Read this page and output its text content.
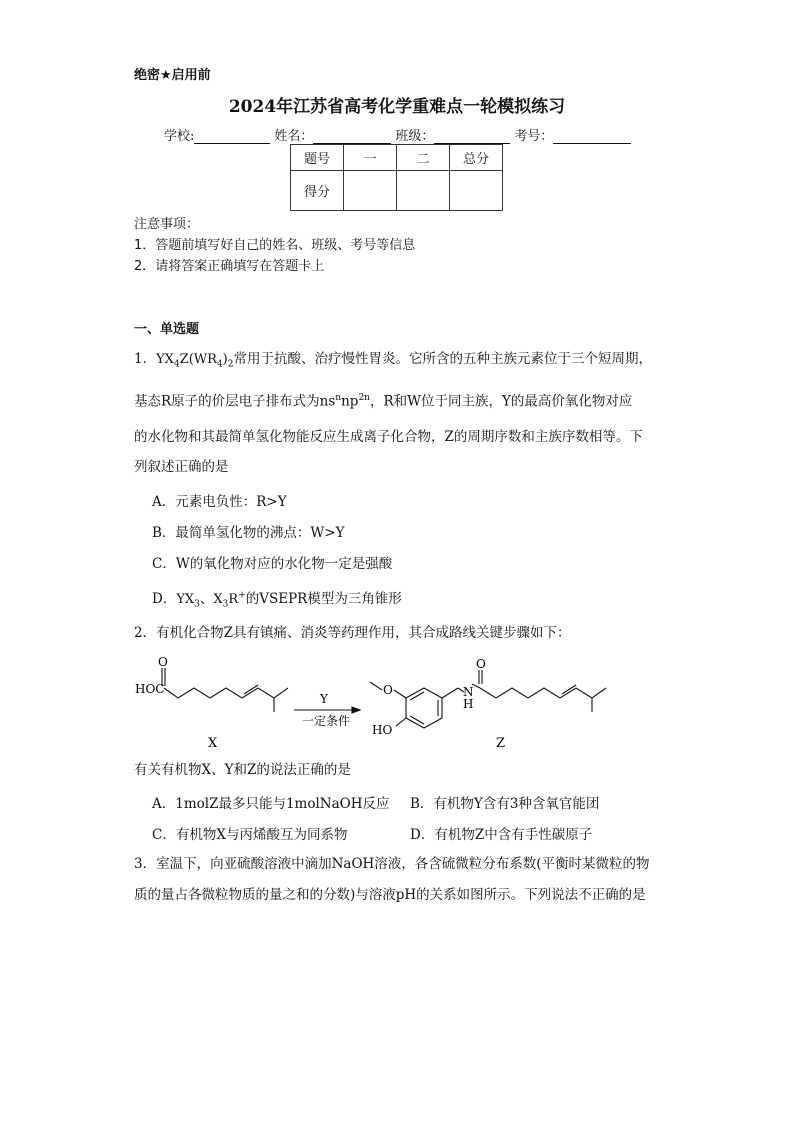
绝密★启用前
2024年江苏省高考化学重难点一轮模拟练习
学校:	姓名：	班级：	考号：
题号	一	二	总分
得分			
注意事项：
1．答题前填写好自己的姓名、班级、考号等信息
2．请将答案正确填写在答题卡上
一、单选题
1．$YX_4Z(WR_4)_2$常用于抗酸、治疗慢性胃炎。它所含的五种主族元素位于三个短周期，
基态R原子的价层电子排布式为$ns^nnp^{2n}$，R和W位于同主族，Y的最高价氧化物对应
的水化物和其最简单氢化物能反应生成离子化合物，Z的周期序数和主族序数相等。下
列叙述正确的是
A．元素电负性：R>Y
B．最简单氢化物的沸点：W>Y
C．W的氧化物对应的水化物一定是强酸
D．$YX_3$、$X_3R^+$的VSEPR模型为三角锥形
2．有机化合物Z具有镇痛、消炎等药理作用，其合成路线关键步骤如下：
O
HOC
X
Y
一定条件
O
HO
N
H
O
Z
有关有机物X、Y和Z的说法正确的是
A．1molZ最多只能与1molNaOH反应 B．有机物Y含有3种含氧官能团
C．有机物X与丙烯酸互为同系物	D．有机物Z中含有手性碳原子
3．室温下，向亚硫酸溶液中滴加NaOH溶液，各含硫微粒分布系数(平衡时某微粒的物
质的量占各微粒物质的量之和的分数)与溶液pH的关系如图所示。下列说法不正确的是
